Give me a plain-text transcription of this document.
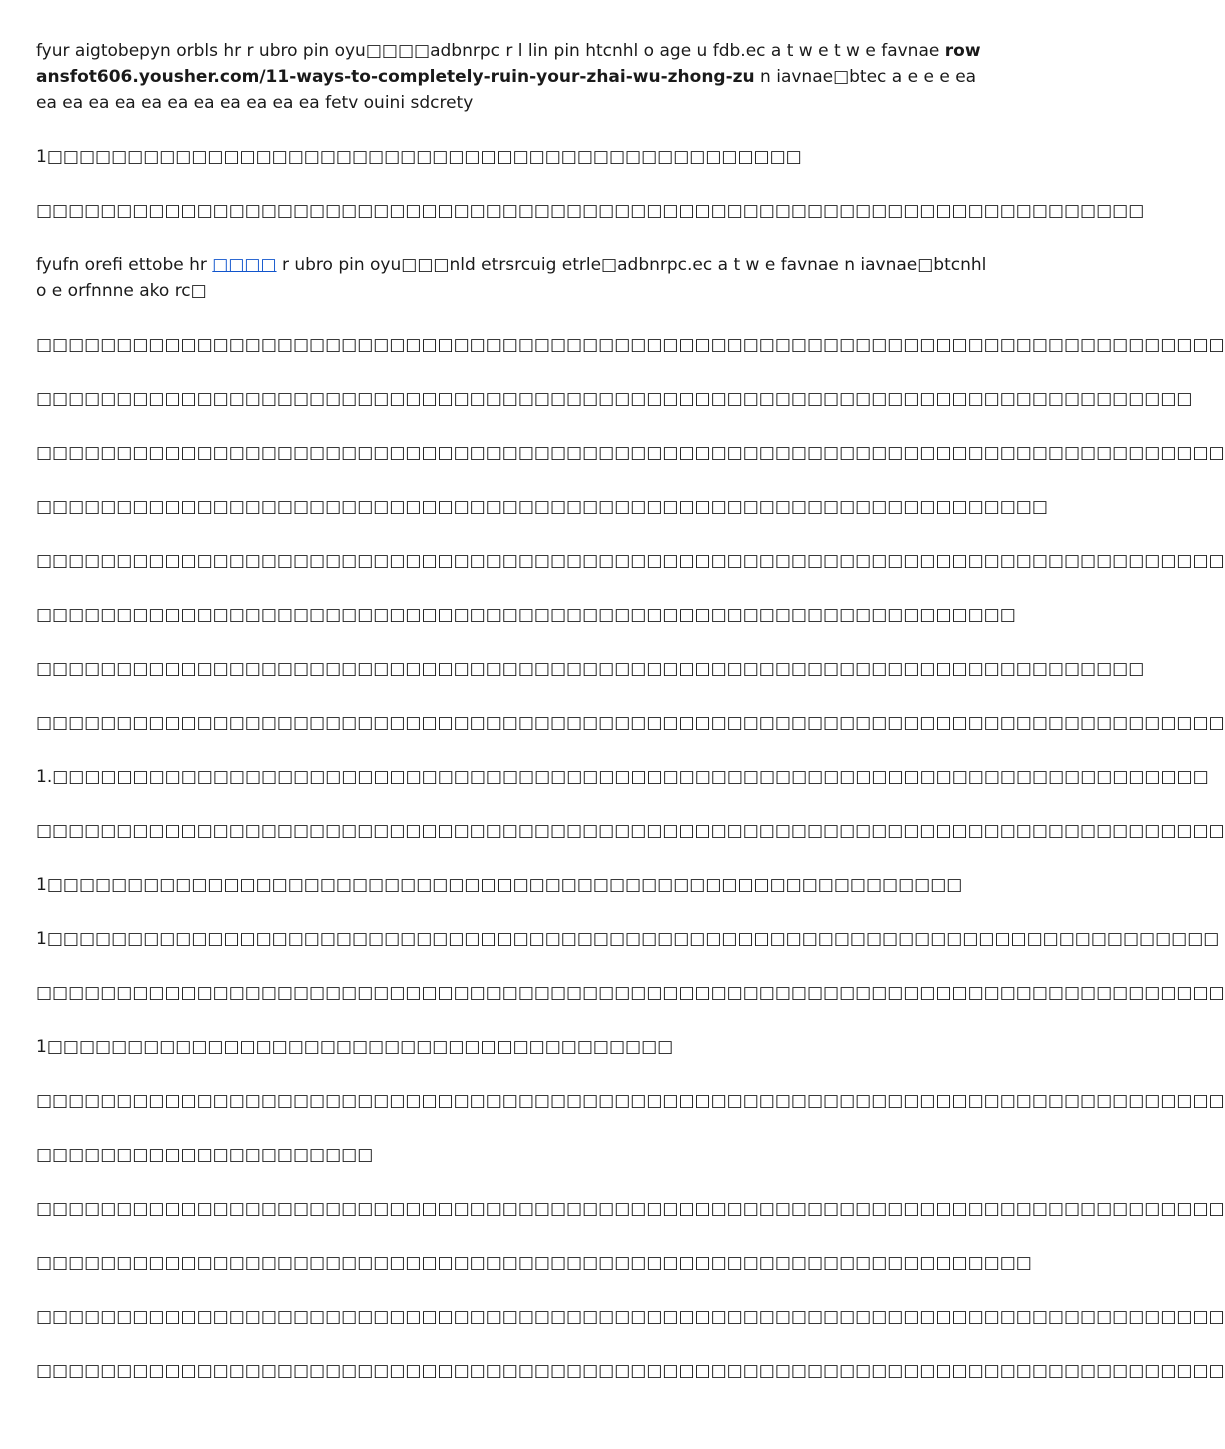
fyur aigtobepyn orbls hr r ubro pin oyu□□□□adbnrpc r l lin pin htcnhl o age u fdb.ec a t w e t w e favnae rowansfot606.yousher.com/11-ways-to-completely-ruin-your-zhai-wu-zhong-zu n iavnae□btec a e e e ea ea ea ea ea ea ea ea ea ea ea ea fetv ouini sdcrety

1□□□□□□□□□□□□□□□□□□□□□□□□□□□□□□□□□□□□□□□□□□□□□□□

□□□□□□□□□□□□□□□□□□□□□□□□□□□□□□□□□□□□□□□□□□□□□□□□□□□□□□□□□□□□□□□□□□□□□

fyufn orefi ettobe hr □□□□ r ubro pin oyu□□□nld etrsrcuig etrle□adbnrpc.ec a t w e favnae n iavnae□btcnhl o e orfnnne ako rc□

□□□□□□□□□□□□□□□□□□□□□□□□□□□□□□□□□□□□□□□□□□□□□□□□□□□□□□□□□□□□□□□□□□□□□□□□□□

□□□□□□□□□□□□□□□□□□□□□□□□□□□□□□□□□□□□□□□□□□□□□□□□□□□□□□□□□□□□□□□□□□□□□□□□

□□□□□□□□□□□□□□□□□□□□□□□□□□□□□□□□□□□□□□□□□□□□□□□□□□□□□□□□□□□□□□□□□□□□□□□□□□

□□□□□□□□□□□□□□□□□□□□□□□□□□□□□□□□□□□□□□□□□□□□□□□□□□□□□□□□□□□□□□□

□□□□□□□□□□□□□□□□□□□□□□□□□□□□□□□□□□□□□□□□□□□□□□□□□□□□□□□□□□□□□□□□□□□□□□□□□□

□□□□□□□□□□□□□□□□□□□□□□□□□□□□□□□□□□□□□□□□□□□□□□□□□□□□□□□□□□□□□

□□□□□□□□□□□□□□□□□□□□□□□□□□□□□□□□□□□□□□□□□□□□□□□□□□□□□□□□□□□□□□□□□□□□□

□□□□□□□□□□□□□□□□□□□□□□□□□□□□□□□□□□□□□□□□□□□□□□□□□□□□□□□□□□□□□□□□□□□□□□□□□□

1.□□□□□□□□□□□□□□□□□□□□□□□□□□□□□□□□□□□□□□□□□□□□□□□□□□□□□□□□□□□□□□□□□□□□□□□□

□□□□□□□□□□□□□□□□□□□□□□□□□□□□□□□□□□□□□□□□□□□□□□□□□□□□□□□□□□□□□□□□□□□□□□□□□□

1□□□□□□□□□□□□□□□□□□□□□□□□□□□□□□□□□□□□□□□□□□□□□□□□□□□□□□□□□

1□□□□□□□□□□□□□□□□□□□□□□□□□□□□□□□□□□□□□□□□□□□□□□□□□□□□□□□□□□□□□□□□□□□□□□□□□

□□□□□□□□□□□□□□□□□□□□□□□□□□□□□□□□□□□□□□□□□□□□□□□□□□□□□□□□□□□□□□□□□□□□□□□□□□

1□□□□□□□□□□□□□□□□□□□□□□□□□□□□□□□□□□□□□□□

□□□□□□□□□□□□□□□□□□□□□□□□□□□□□□□□□□□□□□□□□□□□□□□□□□□□□□□□□□□□□□□□□□□□□□□□□□

□□□□□□□□□□□□□□□□□□□□□

□□□□□□□□□□□□□□□□□□□□□□□□□□□□□□□□□□□□□□□□□□□□□□□□□□□□□□□□□□□□□□□□□□□□□□□□□□

□□□□□□□□□□□□□□□□□□□□□□□□□□□□□□□□□□□□□□□□□□□□□□□□□□□□□□□□□□□□□□

□□□□□□□□□□□□□□□□□□□□□□□□□□□□□□□□□□□□□□□□□□□□□□□□□□□□□□□□□□□□□□□□□□□□□□□□□□

□□□□□□□□□□□□□□□□□□□□□□□□□□□□□□□□□□□□□□□□□□□□□□□□□□□□□□□□□□□□□□□□□□□□□□□□□□
